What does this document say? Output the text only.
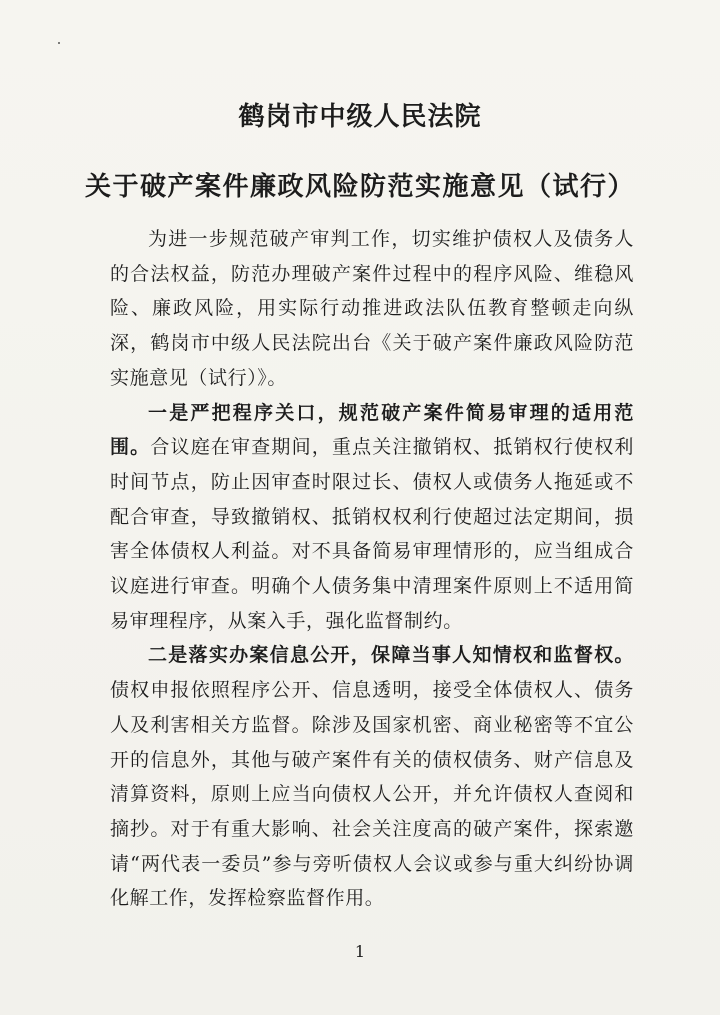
鹤岗市中级人民法院
关于破产案件廉政风险防范实施意见（试行）

为进一步规范破产审判工作，切实维护债权人及债务人的合法权益，防范办理破产案件过程中的程序风险、维稳风险、廉政风险，用实际行动推进政法队伍教育整顿走向纵深，鹤岗市中级人民法院出台《关于破产案件廉政风险防范实施意见（试行）》。

一是严把程序关口，规范破产案件简易审理的适用范围。合议庭在审查期间，重点关注撤销权、抵销权行使权利时间节点，防止因审查时限过长、债权人或债务人拖延或不配合审查，导致撤销权、抵销权权利行使超过法定期间，损害全体债权人利益。对不具备简易审理情形的，应当组成合议庭进行审查。明确个人债务集中清理案件原则上不适用简易审理程序，从案入手，强化监督制约。

二是落实办案信息公开，保障当事人知情权和监督权。债权申报依照程序公开、信息透明，接受全体债权人、债务人及利害相关方监督。除涉及国家机密、商业秘密等不宜公开的信息外，其他与破产案件有关的债权债务、财产信息及清算资料，原则上应当向债权人公开，并允许债权人查阅和摘抄。对于有重大影响、社会关注度高的破产案件，探索邀请“两代表一委员”参与旁听债权人会议或参与重大纠纷协调化解工作，发挥检察监督作用。

1
